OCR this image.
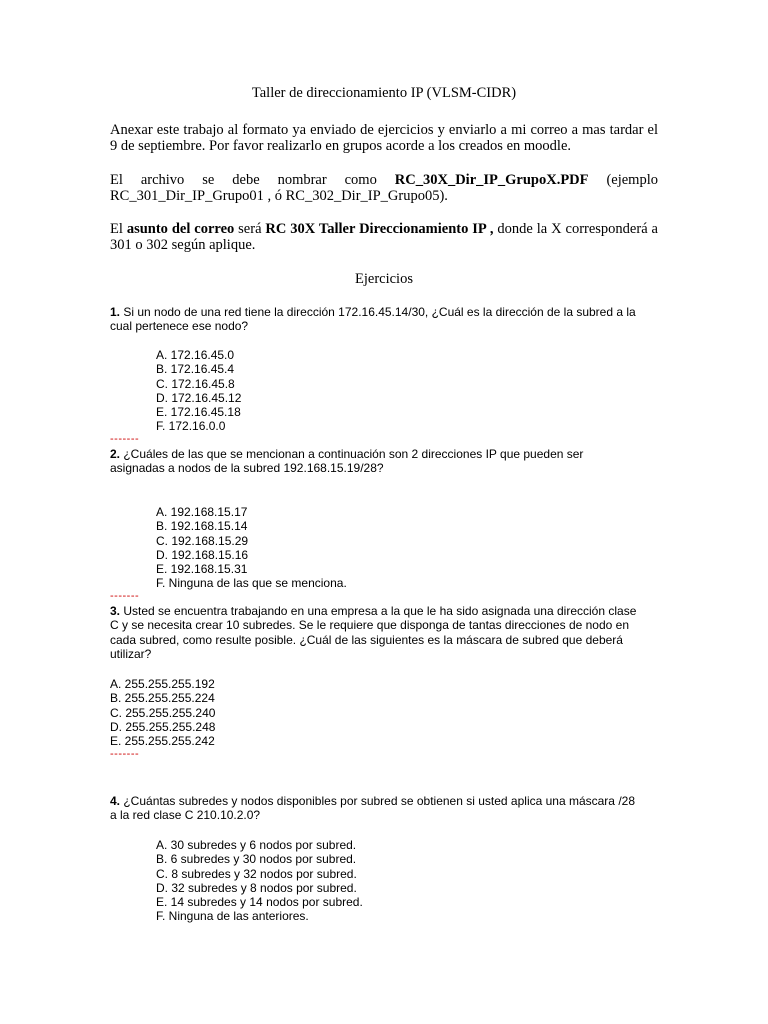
Taller de direccionamiento IP (VLSM-CIDR)
Anexar este trabajo al formato ya enviado de ejercicios y enviarlo a mi correo a mas tardar el 9 de septiembre. Por favor realizarlo en grupos acorde a los creados en moodle.
El archivo se debe nombrar como RC_30X_Dir_IP_GrupoX.PDF (ejemplo RC_301_Dir_IP_Grupo01 , ó RC_302_Dir_IP_Grupo05).
El asunto del correo será RC 30X Taller Direccionamiento IP , donde la X corresponderá a 301 o 302 según aplique.
Ejercicios
1. Si un nodo de una red tiene la dirección 172.16.45.14/30, ¿Cuál es la dirección de la subred a la cual pertenece ese nodo?
A. 172.16.45.0
B. 172.16.45.4
C. 172.16.45.8
D. 172.16.45.12
E. 172.16.45.18
F. 172.16.0.0
-------
2. ¿Cuáles de las que se mencionan a continuación son 2 direcciones IP que pueden ser asignadas a nodos de la subred 192.168.15.19/28?
A. 192.168.15.17
B. 192.168.15.14
C. 192.168.15.29
D. 192.168.15.16
E. 192.168.15.31
F. Ninguna de las que se menciona.
-------
3. Usted se encuentra trabajando en una empresa a la que le ha sido asignada una dirección clase C y se necesita crear 10 subredes. Se le requiere que disponga de tantas direcciones de nodo en cada subred, como resulte posible. ¿Cuál de las siguientes es la máscara de subred que deberá utilizar?
A. 255.255.255.192
B. 255.255.255.224
C. 255.255.255.240
D. 255.255.255.248
E. 255.255.255.242
-------
4. ¿Cuántas subredes y nodos disponibles por subred se obtienen si usted aplica una máscara /28 a la red clase C 210.10.2.0?
A. 30 subredes y 6 nodos por subred.
B. 6 subredes y 30 nodos por subred.
C. 8 subredes y 32 nodos por subred.
D. 32 subredes y 8 nodos por subred.
E. 14 subredes y 14 nodos por subred.
F. Ninguna de las anteriores.
